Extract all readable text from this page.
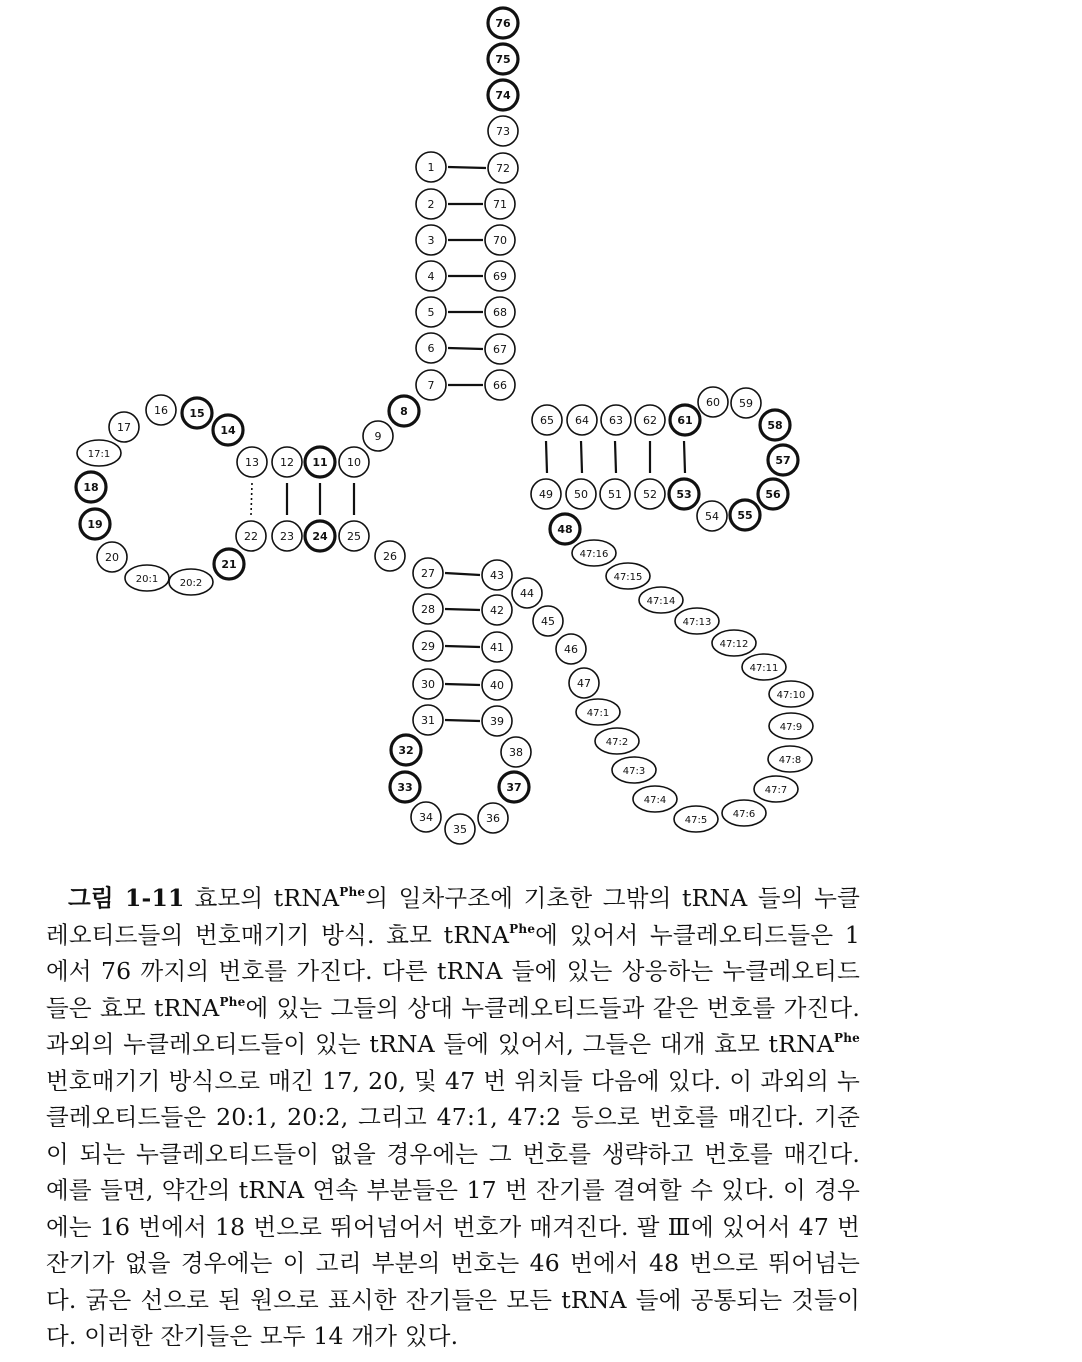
76
75
74
73
72
71
70
69
68
67
66
1
2
3
4
5
6
7
8
9
10
11
12
13
14
15
16
17
17:1
18
19
20
20:1 20:2
21
22 23 24 25
26
27
28
29
30
31
32
33
34
35
36
37
38
39
40
41
42
43
44
45
46
47
47:1
47:2
47:3
47:4
47:5
47:6
47:7
47:8
47:9
47:10
47:11
47:12
47:13
47:14
47:15
47:16
48
49 50 51 52 53
54 55
56
57
58
59
60
61
62
63
64
65
그림 1-11 효모의 tRNA$^{Phe}$의 일차구조에 기초한 그밖의 tRNA 들의 누클레오티드들의 번호매기기 방식. 효모 tRNA$^{Phe}$에 있어서 누클레오티드들은 1 에서 76 까지의 번호를 가진다. 다른 tRNA 들에 있는 상응하는 누클레오티드들은 효모 tRNA$^{Phe}$에 있는 그들의 상대 누클레오티드들과 같은 번호를 가진다. 과외의 누클레오티드들이 있는 tRNA 들에 있어서, 그들은 대개 효모 tRNA$^{Phe}$번호매기기 방식으로 매긴 17, 20, 및 47 번 위치들 다음에 있다. 이 과외의 누클레오티드들은 20:1, 20:2, 그리고 47:1, 47:2 등으로 번호를 매긴다. 기준이 되는 누클레오티드들이 없을 경우에는 그 번호를 생략하고 번호를 매긴다. 예를 들면, 약간의 tRNA 연속 부분들은 17 번 잔기를 결여할 수 있다. 이 경우에는 16 번에서 18 번으로 뛰어넘어서 번호가 매겨진다. 팔 Ⅲ에 있어서 47 번 잔기가 없을 경우에는 이 고리 부분의 번호는 46 번에서 48 번으로 뛰어넘는다. 굵은 선으로 된 원으로 표시한 잔기들은 모든 tRNA 들에 공통되는 것들이다. 이러한 잔기들은 모두 14 개가 있다.
